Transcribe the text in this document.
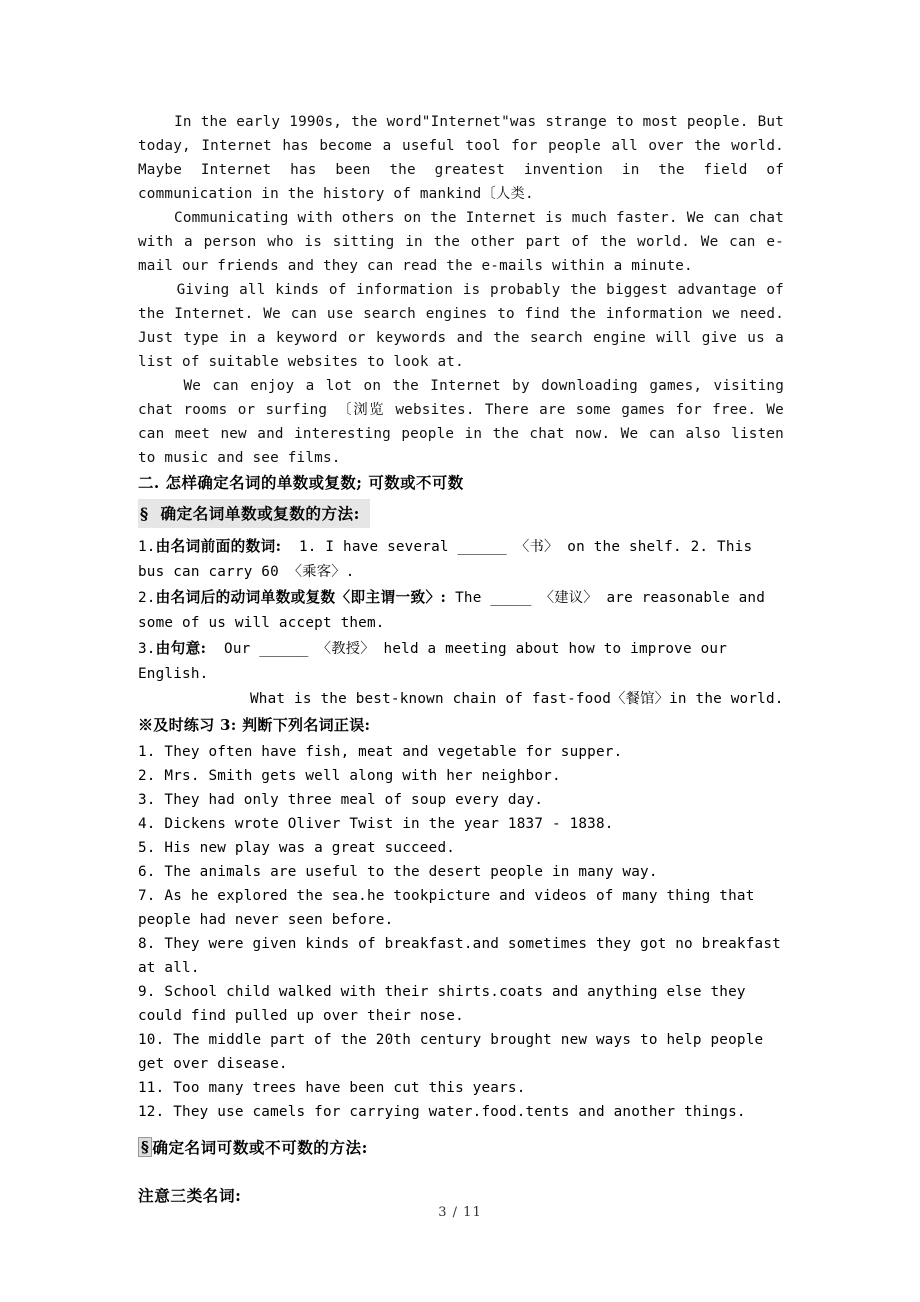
In the early 1990s, the word"Internet"was strange to most people. But today, Internet has become a useful tool for people all over the world. Maybe Internet has been the greatest invention in the field of communication in the history of mankind〔人类.

Communicating with others on the Internet is much faster. We can chat with a person who is sitting in the other part of the world. We can e-mail our friends and they can read the e-mails within a minute.

Giving all kinds of information is probably the biggest advantage of the Internet. We can use search engines to find the information we need. Just type in a keyword or keywords and the search engine will give us a list of suitable websites to look at.

We can enjoy a lot on the Internet by downloading games, visiting chat rooms or surfing 〔浏览 websites. There are some games for free. We can meet new and interesting people in the chat now. We can also listen to music and see films.

二. 怎样确定名词的单数或复数; 可数或不可数

§  确定名词单数或复数的方法:

1.由名词前面的数词:  1. I have several ______ 〈书〉 on the shelf. 2. This bus can carry 60 〈乘客〉.

2.由名词后的动词单数或复数〈即主谓一致〉: The _____ 〈建议〉 are reasonable and some of us will accept them.

3.由句意:  Our ______ 〈教授〉 held a meeting about how to improve our English.

What is the best-known chain of fast-food〈餐馆〉in the world.

※及时练习 3: 判断下列名词正误:

1. They often have fish, meat and vegetable for supper.

2. Mrs. Smith gets well along with her neighbor.

3. They had only three meal of soup every day.

4. Dickens wrote Oliver Twist in the year 1837 - 1838.

5. His new play was a great succeed.

6. The animals are useful to the desert people in many way.

7. As he explored the sea.he tookpicture and videos of many thing that people had never seen before.

8. They were given kinds of breakfast.and sometimes they got no breakfast at all.

9. School child walked with their shirts.coats and anything else they could find pulled up over their nose.

10. The middle part of the 20th century brought new ways to help people get over disease.

11. Too many trees have been cut this years.

12. They use camels for carrying water.food.tents and another things.

§ 确定名词可数或不可数的方法:

注意三类名词:

3 / 11
